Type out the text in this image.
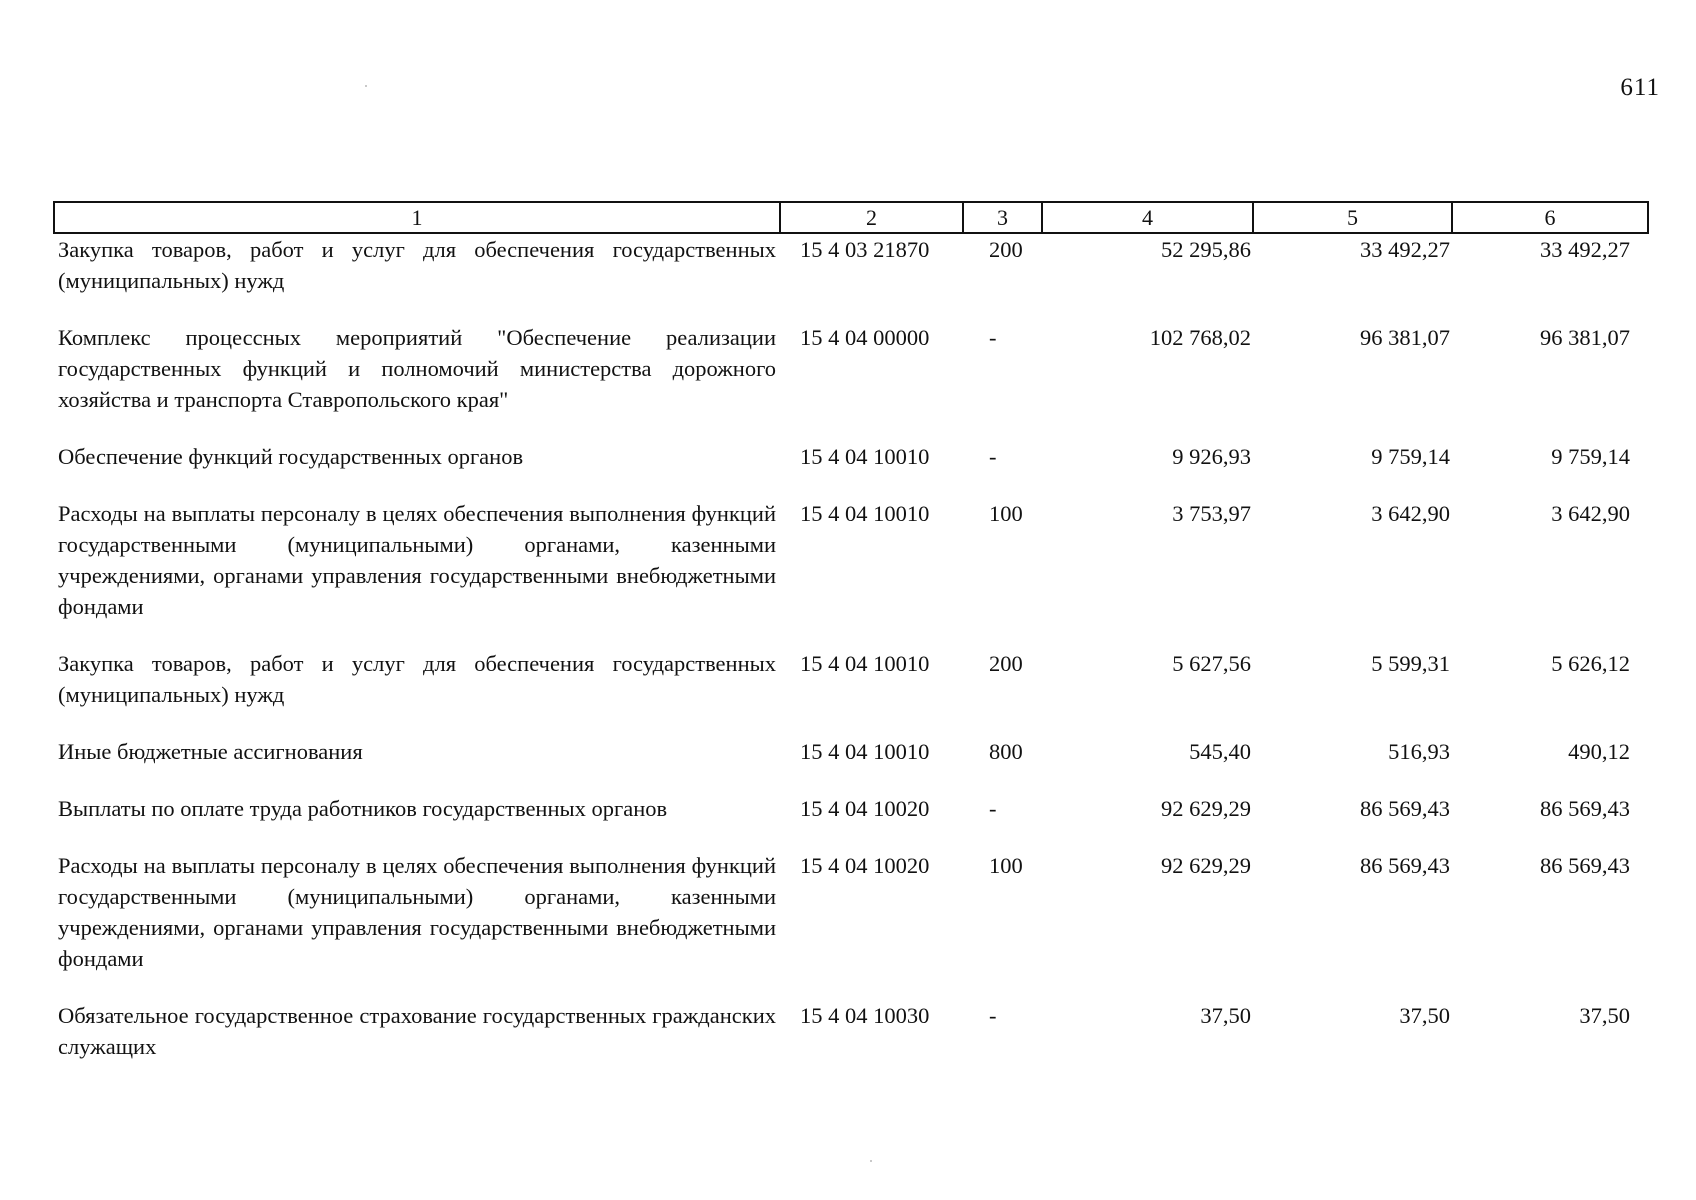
611
1	2	3	4	5	6
Закупка товаров, работ и услуг для обеспечения государственных (муниципальных) нужд	15 4 03 21870	200	52 295,86	33 492,27	33 492,27

Комплекс процессных мероприятий "Обеспечение реализации государственных функций и полномочий министерства дорожного хозяйства и транспорта Ставропольского края"	15 4 04 00000	-	102 768,02	96 381,07	96 381,07

Обеспечение функций государственных органов	15 4 04 10010	-	9 926,93	9 759,14	9 759,14

Расходы на выплаты персоналу в целях обеспечения выполнения функций государственными (муниципальными) органами, казенными учреждениями, органами управления государственными внебюджетными фондами	15 4 04 10010	100	3 753,97	3 642,90	3 642,90

Закупка товаров, работ и услуг для обеспечения государственных (муниципальных) нужд	15 4 04 10010	200	5 627,56	5 599,31	5 626,12

Иные бюджетные ассигнования	15 4 04 10010	800	545,40	516,93	490,12

Выплаты по оплате труда работников государственных органов	15 4 04 10020	-	92 629,29	86 569,43	86 569,43

Расходы на выплаты персоналу в целях обеспечения выполнения функций государственными (муниципальными) органами, казенными учреждениями, органами управления государственными внебюджетными фондами	15 4 04 10020	100	92 629,29	86 569,43	86 569,43

Обязательное государственное страхование государственных гражданских служащих	15 4 04 10030	-	37,50	37,50	37,50
